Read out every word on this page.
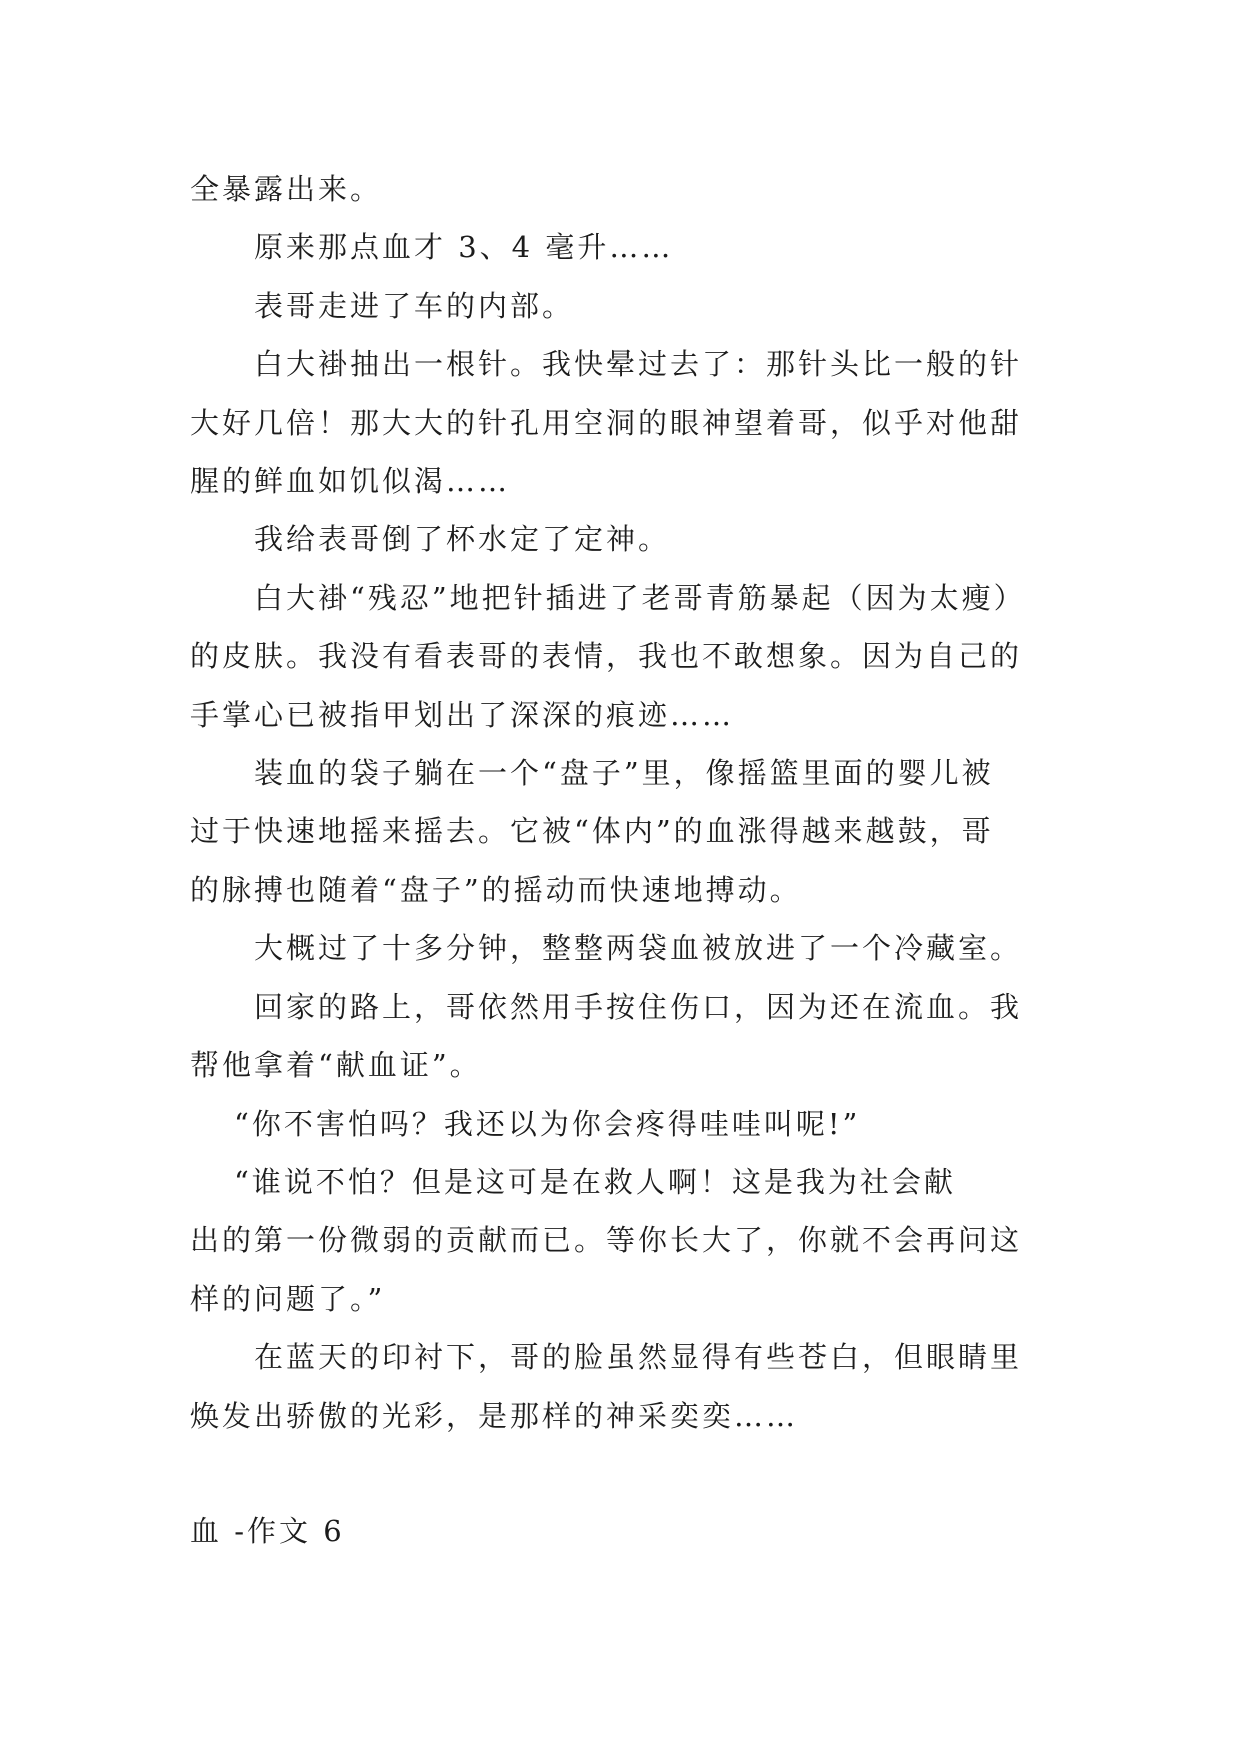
全暴露出来。

原来那点血才 3、4 毫升……

表哥走进了车的内部。

白大褂抽出一根针。我快晕过去了：那针头比一般的针
大好几倍！那大大的针孔用空洞的眼神望着哥，似乎对他甜
腥的鲜血如饥似渴……

我给表哥倒了杯水定了定神。

白大褂“残忍”地把针插进了老哥青筋暴起（因为太瘦）
的皮肤。我没有看表哥的表情，我也不敢想象。因为自己的
手掌心已被指甲划出了深深的痕迹……

装血的袋子躺在一个“盘子”里，像摇篮里面的婴儿被
过于快速地摇来摇去。它被“体内”的血涨得越来越鼓，哥
的脉搏也随着“盘子”的摇动而快速地搏动。

大概过了十多分钟，整整两袋血被放进了一个冷藏室。

回家的路上，哥依然用手按住伤口，因为还在流血。我
帮他拿着“献血证”。

“你不害怕吗？我还以为你会疼得哇哇叫呢!”

“谁说不怕？但是这可是在救人啊！这是我为社会献
出的第一份微弱的贡献而已。等你长大了，你就不会再问这
样的问题了。”

在蓝天的印衬下，哥的脸虽然显得有些苍白，但眼睛里
焕发出骄傲的光彩，是那样的神采奕奕……

血 -作文 6
